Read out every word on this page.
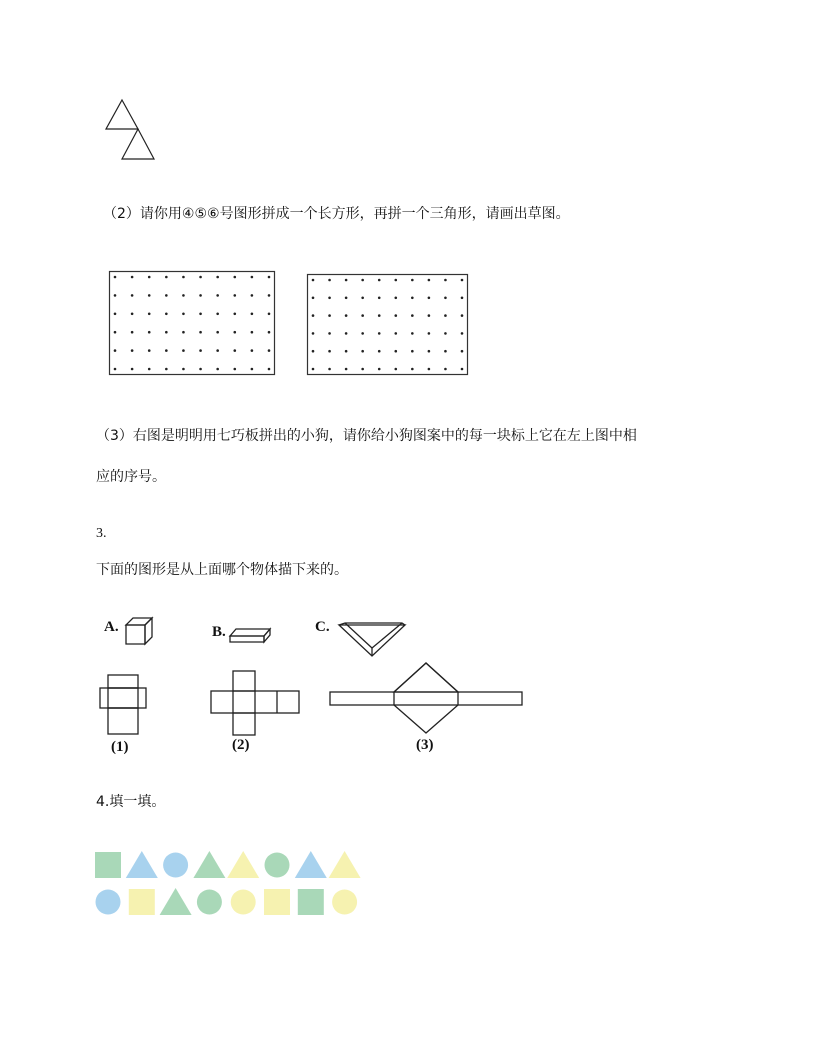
（2）请你用④⑤⑥号图形拼成一个长方形，再拼一个三角形，请画出草图。
（3）右图是明明用七巧板拼出的小狗，请你给小狗图案中的每一块标上它在左上图中相
应的序号。
3.
下面的图形是从上面哪个物体描下来的。
A.	B.	C.
(1)	(2)	(3)
4.填一填。
